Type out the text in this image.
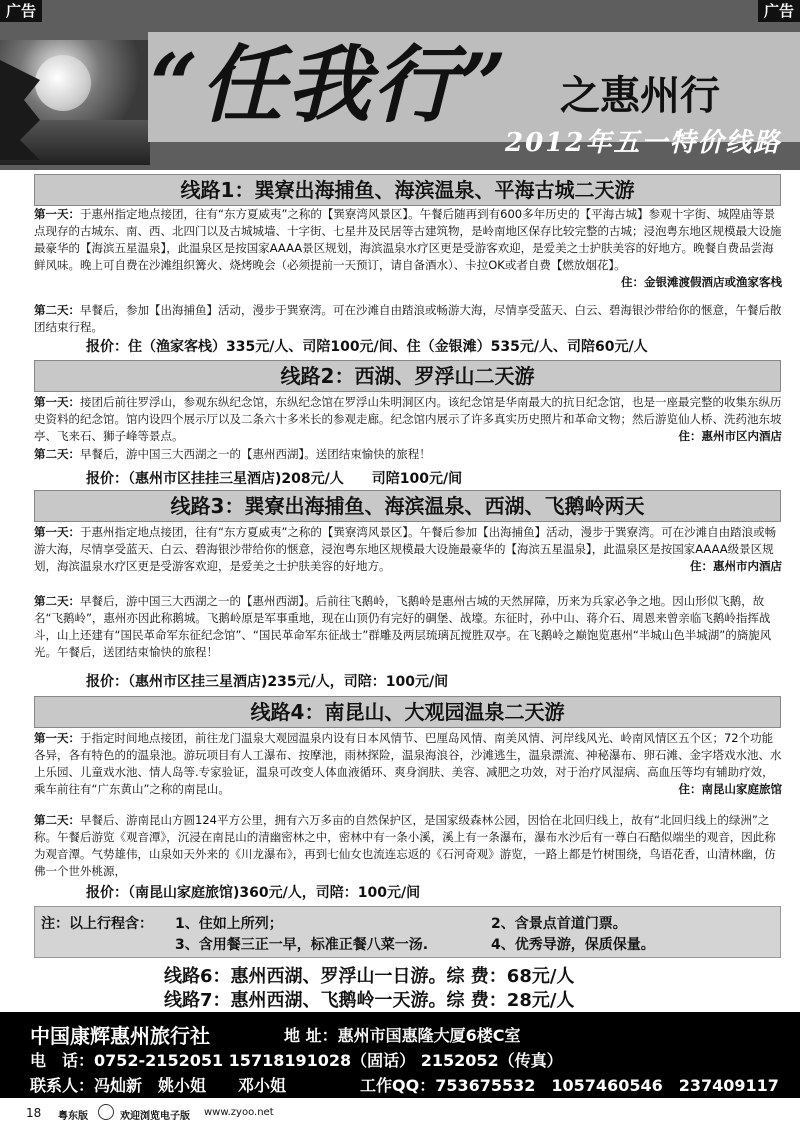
“任我行” 之惠州行
2012年五一特价线路
广告	广告
线路1：巽寮出海捕鱼、海滨温泉、平海古城二天游
第一天：于惠州指定地点接团，往有“东方夏威夷”之称的【巽寮湾风景区】。午餐后随再到有600多年历史的【平海古城】参观十字街、城隍庙等景点现存的古城东、南、西、北四门以及古城城墙、十字街、七星井及民居等古建筑物，是岭南地区保存比较完整的古城；浸泡粤东地区规模最大设施最豪华的【海滨五星温泉】，此温泉区是按国家AAAA景区规划，海滨温泉水疗区更是受游客欢迎，是爱美之士护肤美容的好地方。晚餐自费品尝海鲜风味。晚上可自费在沙滩组织篝火、烧烤晚会（必须提前一天预订，请自备酒水）、卡拉OK或者自费【燃放烟花】。
住：金银滩渡假酒店或渔家客栈
第二天：早餐后，参加【出海捕鱼】活动，漫步于巽寮湾。可在沙滩自由踏浪或畅游大海，尽情享受蓝天、白云、碧海银沙带给你的惬意，午餐后散团结束行程。
报价：住（渔家客栈）335元/人、司陪100元/间、住（金银滩）535元/人、司陪60元/人
线路2：西湖、罗浮山二天游
第一天：接团后前往罗浮山，参观东纵纪念馆，东纵纪念馆在罗浮山朱明洞区内。该纪念馆是华南最大的抗日纪念馆，也是一座最完整的收集东纵历史资料的纪念馆。馆内设四个展示厅以及二条六十多米长的参观走廊。纪念馆内展示了许多真实历史照片和革命文物；然后游览仙人桥、洗药池东坡亭、飞来石、狮子峰等景点。	住：惠州市区内酒店
第二天：早餐后，游中国三大西湖之一的【惠州西湖】。送团结束愉快的旅程！
报价：（惠州市区挂挂三星酒店)208元/人　　司陪100元/间
线路3：巽寮出海捕鱼、海滨温泉、西湖、飞鹅岭两天
第一天：于惠州指定地点接团，往有“东方夏威夷”之称的【巽寮湾风景区】。午餐后参加【出海捕鱼】活动，漫步于巽寮湾。可在沙滩自由踏浪或畅游大海，尽情享受蓝天、白云、碧海银沙带给你的惬意，浸泡粤东地区规模最大设施最豪华的【海滨五星温泉】，此温泉区是按国家AAAA级景区规划，海滨温泉水疗区更是受游客欢迎，是爱美之士护肤美容的好地方。	住：惠州市内酒店
第二天：早餐后，游中国三大西湖之一的【惠州西湖】。后前往飞鹅岭，飞鹅岭是惠州古城的天然屏障，历来为兵家必争之地。因山形似飞鹅，故名“飞鹅岭”，惠州亦因此称鹅城。飞鹅岭原是军事重地，现在山顶仍有完好的碉堡、战壕。东征时，孙中山、蒋介石、周恩来曾亲临飞鹅岭指挥战斗，山上还建有“国民革命军东征纪念馆”、“国民革命军东征战士”群雕及两层琉璃瓦搅胜双亭。在飞鹅岭之巅饱览惠州“半城山色半城湖”的旖旎风光。午餐后，送团结束愉快的旅程！
报价：（惠州市区挂三星酒店)235元/人，司陪：100元/间
线路4：南昆山、大观园温泉二天游
第一天：于指定时间地点接团，前往龙门温泉大观园温泉内设有日本风情节、巴厘岛风情、南美风情、河岸线风光、岭南风情区五个区；72个功能各异，各有特色的的温泉池。游玩项目有人工瀑布、按摩池，雨林探险，温泉海浪谷，沙滩逃生，温泉漂流、神秘瀑布、卵石滩、金字塔戏水池、水上乐园、儿童戏水池、情人岛等.专家验证，温泉可改变人体血液循环、爽身润肤、美容、减肥之功效，对于治疗风湿病、高血压等均有辅助疗效，乘车前往有“广东黄山”之称的南昆山。	住：南昆山家庭旅馆
第二天：早餐后、游南昆山方圆124平方公里，拥有六万多亩的自然保护区，是国家级森林公园，因恰在北回归线上，故有“北回归线上的绿洲”之称。午餐后游览《观音潭》，沉浸在南昆山的清幽密林之中，密林中有一条小溪，溪上有一条瀑布，瀑布水沙后有一尊白石酷似端坐的观音，因此称为观音潭。气势雄伟，山泉如天外来的《川龙瀑布》，再到七仙女也流连忘返的《石河奇观》游览，一路上都是竹树围绕，鸟语花香，山清林幽，仿佛一个世外桃源，
报价：（南昆山家庭旅馆)360元/人，司陪：100元/间
注：以上行程含： 1、住如上所列；	2、含景点首道门票。
3、含用餐三正一早，标准正餐八菜一汤.	4、优秀导游，保质保量。
线路6：惠州西湖、罗浮山一日游。综 费：68元/人
线路7：惠州西湖、飞鹅岭一天游。综 费：28元/人
中国康辉惠州旅行社	地 址：惠州市国惠隆大厦6楼C室
电　话：0752-2152051 15718191028（固话） 2152052（传真）
联系人：冯灿新　姚小姐　　邓小姐	工作QQ：753675532　1057460546　237409117
18 粤东版	欢迎浏览电子版 www.zyoo.net
